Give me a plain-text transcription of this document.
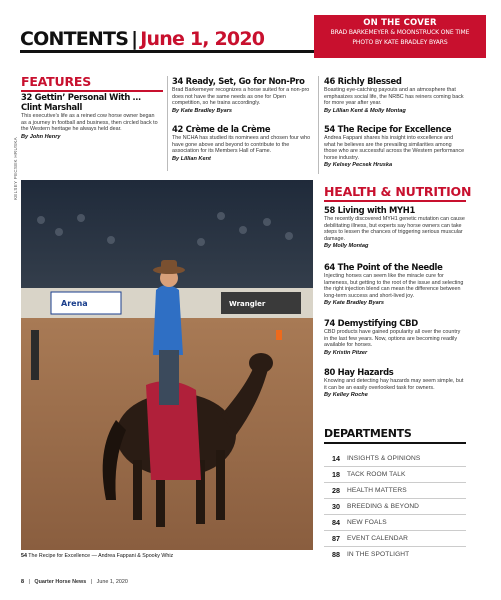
CONTENTS | June 1, 2020
ON THE COVER
BRAD BARKEMEYER & MOONSTRUCK ONE TIME
PHOTO BY KATE BRADLEY BYARS
FEATURES
32 Gettin’ Personal With … Clint Marshall
This executive’s life as a reined cow horse owner began as a journey in football and business, then circled back to the Western heritage he always held dear.
By John Henry
34 Ready, Set, Go for Non-Pro
Brad Barkemeyer recognizes a horse suited for a non-pro does not have the same needs as one for Open competition, so he trains accordingly.
By Kate Bradley Byars
42 Crème de la Crème
The NCHA has studied its nominees and chosen four who have gone above and beyond to contribute to the association for its Members Hall of Fame.
By Lillian Kent
46 Richly Blessed
Boasting eye-catching payouts and an atmosphere that emphasizes social life, the NRBC has reiners coming back for more year after year.
By Lillian Kent & Molly Montag
54 The Recipe for Excellence
Andrea Fappani shares his insight into excellence and what he believes are the prevailing similarities among those who are successful across the Western performance horse industry.
By Kelsey Pecsek Hruska
HEALTH & NUTRITION
58 Living with MYH1
The recently discovered MYH1 genetic mutation can cause debilitating illness, but experts say horse owners can take steps to lessen the chances of triggering serious muscular damage.
By Molly Montag
64 The Point of the Needle
Injecting horses can seem like the miracle cure for lameness, but getting to the root of the issue and selecting the right injection blend can mean the difference between long-term success and short-lived joy.
By Kate Bradley Byars
74 Demystifying CBD
CBD products have gained popularity all over the country in the last few years. Now, options are becoming readily available for horses.
By Kristin Pitzer
80 Hay Hazards
Knowing and detecting hay hazards may seem simple, but it can be an easily overlooked task for owners.
By Kelley Roche
KELSEY PECSEK HRUSKA
Arena	Wrangler
54 The Recipe for Excellence — Andrea Fappani & Spooky Whiz
DEPARTMENTS
14 INSIGHTS & OPINIONS
18 TACK ROOM TALK
28 HEALTH MATTERS
30 BREEDING & BEYOND
84 NEW FOALS
87 EVENT CALENDAR
88 IN THE SPOTLIGHT
8 | Quarter Horse News | June 1, 2020
